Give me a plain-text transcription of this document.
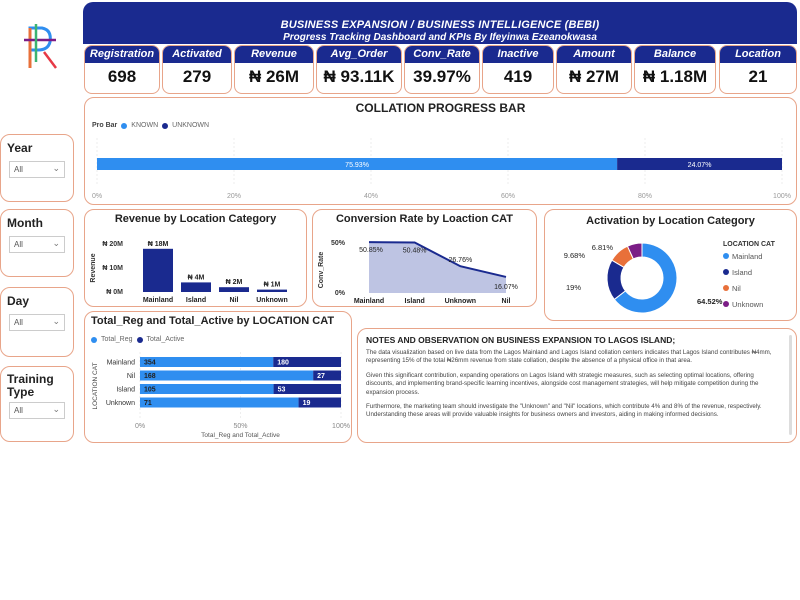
BUSINESS EXPANSION / BUSINESS INTELLIGENCE (BEBI)
Progress Tracking Dashboard and KPIs By Ifeyinwa Ezeanokwasa
Registration
698
Activated
279
Revenue
₦ 26M
Avg_Order
₦ 93.11K
Conv_Rate
39.97%
Inactive
419
Amount
₦ 27M
Balance
₦ 1.18M
Location
21
Year
All	⌄
Month
All	⌄
Day
All	⌄
Training Type
All	⌄
COLLATION PROGRESS BAR
Pro Bar KNOWN UNKNOWN
75.93%	24.07%
0%	20%	40%	60%	80%	100%
Revenue by Location Category
Revenue
₦ 0M
₦ 10M
₦ 20M	₦ 18M
Mainland
₦ 4M
Island
₦ 2M
Nil
₦ 1M
Unknown
Conversion Rate by Loaction CAT
Conv_Rate
0%
50%
Mainland
50.85%
Island
50.48%
Unknown
26.76%
Nil
16.07%
Activation by Location Category
64.52%
19%
9.68%
6.81%	LOCATION CAT
Mainland
Island
Nil
Unknown
Total_Reg and Total_Active by LOCATION CAT
Total_Reg Total_Active
LOCATION CAT
0%	50%	100%
Total_Reg and Total_Active
Mainland 354	180
Nil 168	27
Island 105	53
Unknown 71	19
NOTES AND OBSERVATION ON BUSINESS EXPANSION TO LAGOS ISLAND;

The data visualization based on live data from the Lagos Mainland and Lagos Island collation centers indicates that Lagos Island contributes ₦4mm, representing 15% of the total ₦26mm revenue from state collation, despite the absence of a physical office in that area.

Given this significant contribution, expanding operations on Lagos Island with strategic measures, such as selecting optimal locations, offering discounts, and implementing brand-specific learning incentives, alongside cost management strategies, will help mitigate competition during the expansion process.

Furthermore, the marketing team should investigate the "Unknown" and "Nil" locations, which contribute 4% and 8% of the revenue, respectively. Understanding these areas will provide valuable insights for business owners and investors, aiding in making informed decisions.
